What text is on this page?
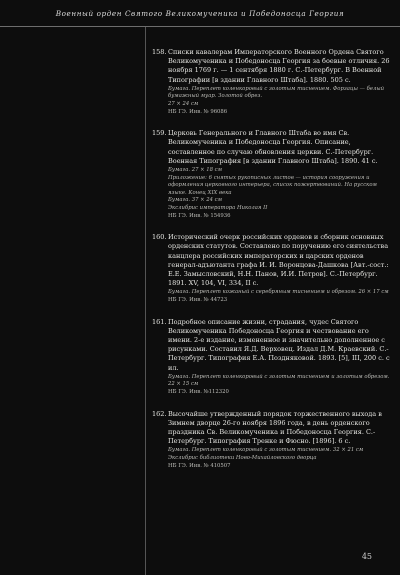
Военный орден Святого Великомученика и Победоносца Георгия
158. Списки кавалерам Императорского Военного Ордена Святого Великомученика и Победоносца Георгия за боевые отличия. 26 ноября 1769 г. — 1 сентября 1880 г. С.-Петербург. В Военной Типографии [в здании Главного Штаба]. 1880. 505 с.
Бумага. Переплет коленкоровый с золотым тиснением. Форзацы — белый бумажный муар. Золотой обрез.
27 × 24 см
НБ ГЭ. Инв. № 96086
159. Церковь Генерального и Главного Штаба во имя Св. Великомученика и Победоносца Георгия. Описание, составленное по случаю обновления церкви. С.-Петербург. Военная Типография [в здании Главного Штаба]. 1890. 41 с.
Бумага. 27 × 18 см
Приложение: 6 снятых рукописных листов — история сооружения и оформления церковного интерьера, список пожертвований. На русском языке. Конец XIX века
Бумага. 37 × 24 см
Экслибрис императора Николая II
НБ ГЭ. Инв. № 154936
160. Исторический очерк российских орденов и сборник основных орденских статутов. Составлено по поручению его сиятельства канцлера российских императорских и царских орденов генерал-адъютанта графа И. И. Воронцова-Дашкова [Авт.-сост.: Е.Е. Замысловский, Н.Н. Панов, И.И. Петров]. С.-Петербург. 1891. XV, 104, VI, 334, II с.
Бумага. Переплет кожаный с серебряным тиснением и обрезом. 26 × 17 см
НБ ГЭ. Инв. № 44723
161. Подробное описание жизни, страдания, чудес Святого Великомученика Победоносца Георгия и чествование его имени. 2-е издание, измененное и значительно дополненное с рисунками. Составил Я.Д. Верховец. Издал Д.М. Краевский. С.-Петербург. Типография Е.А. Поздняковой. 1893. [5], III, 200 с. с ил.
Бумага. Переплет коленкоровый с золотым тиснением и золотым обрезом. 22 × 15 см
НБ ГЭ. Инв. №112320
162. Высочайше утвержденный порядок торжественного выхода в Зимнем дворце 26-го ноября 1896 года, в день орденского праздника Св. Великомученика и Победоносца Георгия. С.-Петербург. Типография Тренке и Фюсно. [1896]. 6 с.
Бумага. Переплет коленкоровый с золотым тиснением. 32 × 21 см
Экслибрис библиотеки Ново-Михайловского дворца
НБ ГЭ. Инв. № 410507
45
